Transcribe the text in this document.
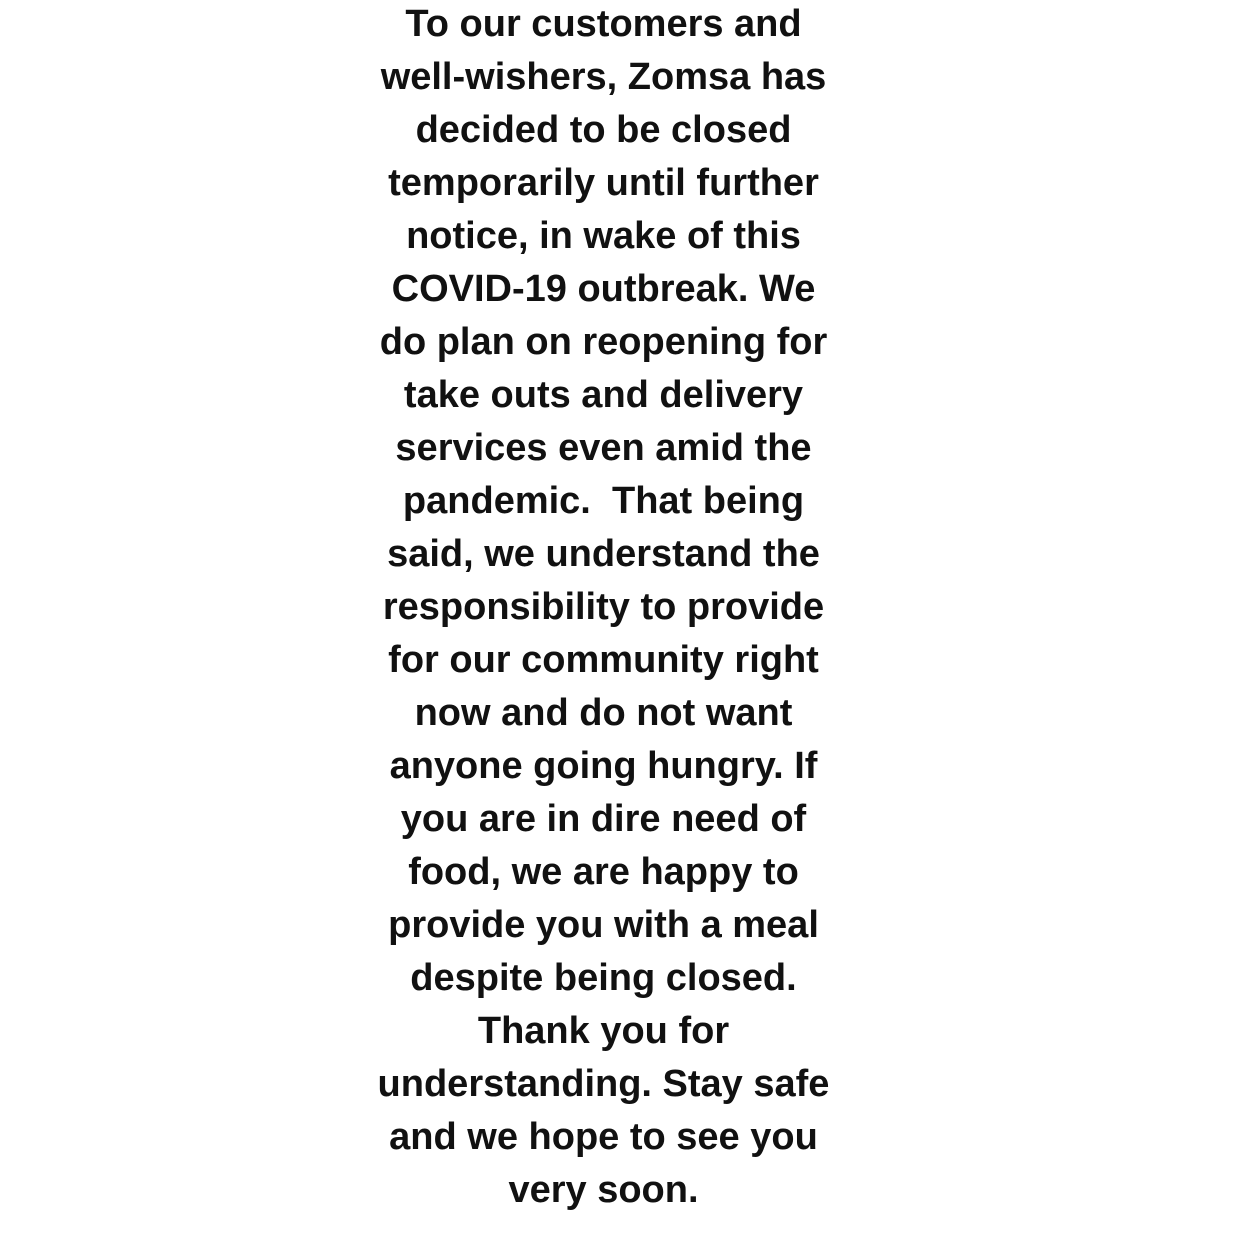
To our customers and

well-wishers, Zomsa has

decided to be closed

temporarily until further

notice, in wake of this

COVID-19 outbreak. We

do plan on reopening for

take outs and delivery

services even amid the

pandemic.  That being

said, we understand the

responsibility to provide

for our community right

now and do not want

anyone going hungry. If

you are in dire need of

food, we are happy to

provide you with a meal

despite being closed.

Thank you for

understanding. Stay safe

and we hope to see you

very soon.
